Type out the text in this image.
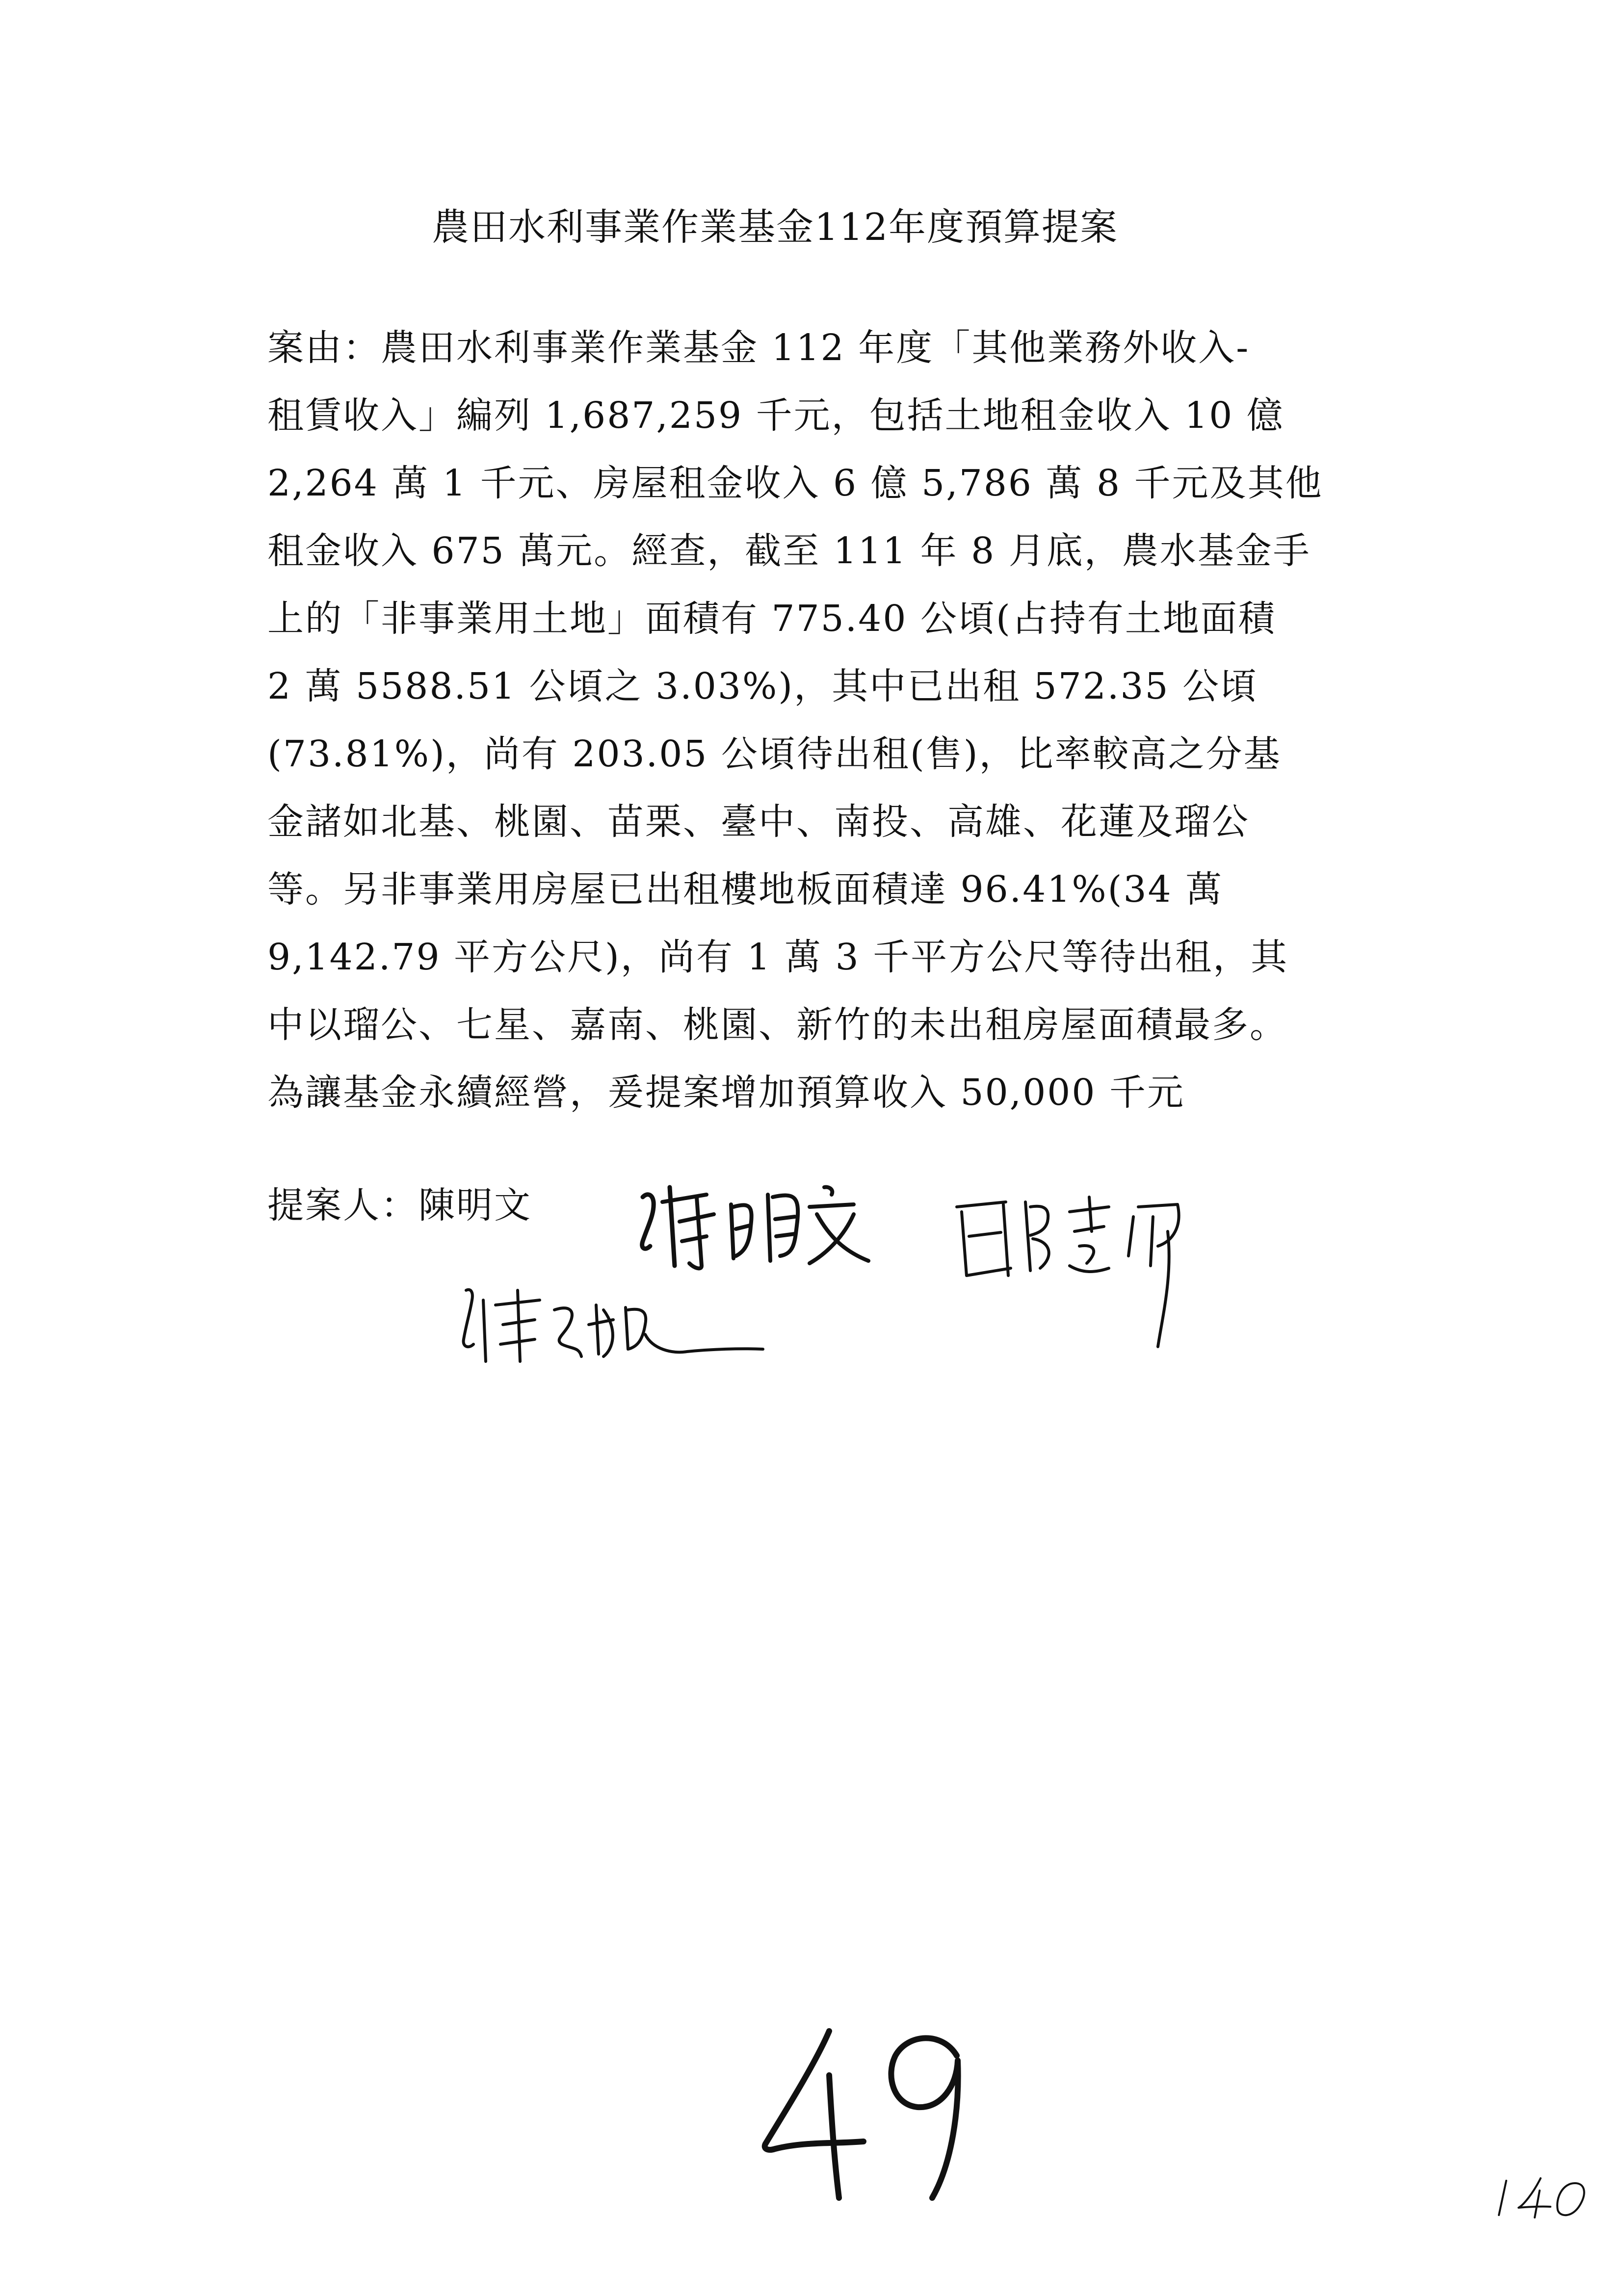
農田水利事業作業基金112年度預算提案
案由：農田水利事業作業基金 112 年度「其他業務外收入-
租賃收入」編列 1,687,259 千元，包括土地租金收入 10 億
2,264 萬 1 千元、房屋租金收入 6 億 5,786 萬 8 千元及其他
租金收入 675 萬元。經查，截至 111 年 8 月底，農水基金手
上的「非事業用土地」面積有 775.40 公頃(占持有土地面積
2 萬 5588.51 公頃之 3.03%)，其中已出租 572.35 公頃
(73.81%)，尚有 203.05 公頃待出租(售)，比率較高之分基
金諸如北基、桃園、苗栗、臺中、南投、高雄、花蓮及瑠公
等。另非事業用房屋已出租樓地板面積達 96.41%(34 萬
9,142.79 平方公尺)，尚有 1 萬 3 千平方公尺等待出租，其
中以瑠公、七星、嘉南、桃園、新竹的未出租房屋面積最多。
為讓基金永續經營，爰提案增加預算收入 50,000 千元
提案人：陳明文
